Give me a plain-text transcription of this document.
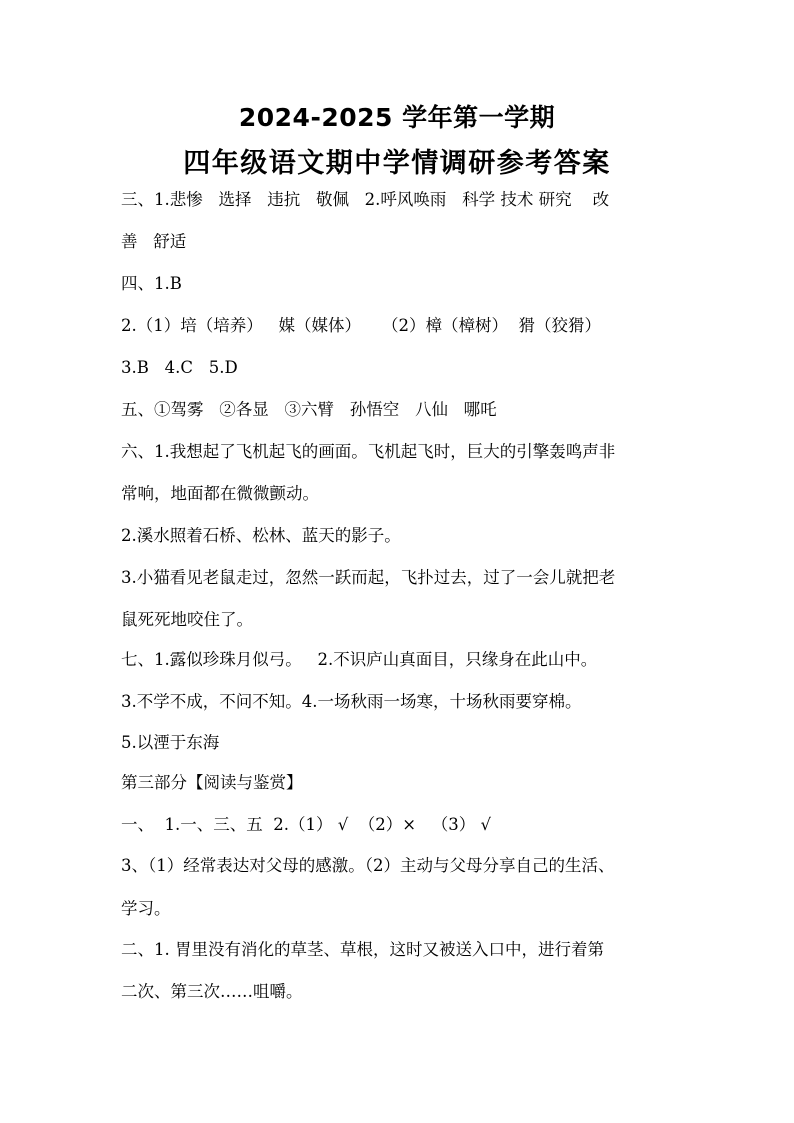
2024-2025 学年第一学期
四年级语文期中学情调研参考答案
三、1.悲惨   选择   违抗   敬佩   2.呼风唤雨   科学 技术 研究    改
善   舒适
四、1.B
2.（1）培（培养）   媒（媒体）    （2）樟（樟树）  猾（狡猾）
3.B   4.C   5.D
五、①驾雾   ②各显   ③六臂   孙悟空   八仙   哪吒
六、1.我想起了飞机起飞的画面。飞机起飞时，巨大的引擎轰鸣声非
常响，地面都在微微颤动。
2.溪水照着石桥、松林、蓝天的影子。
3.小猫看见老鼠走过，忽然一跃而起，飞扑过去，过了一会儿就把老
鼠死死地咬住了。
七、1.露似珍珠月似弓。   2.不识庐山真面目，只缘身在此山中。
3.不学不成，不问不知。4.一场秋雨一场寒，十场秋雨要穿棉。
5.以湮于东海
第三部分【阅读与鉴赏】
一、  1.一、三、五  2.（1） √  （2）×   （3） √
3、（1）经常表达对父母的感激。（2）主动与父母分享自己的生活、
学习。
二、1. 胃里没有消化的草茎、草根，这时又被送入口中，进行着第
二次、第三次……咀嚼。
